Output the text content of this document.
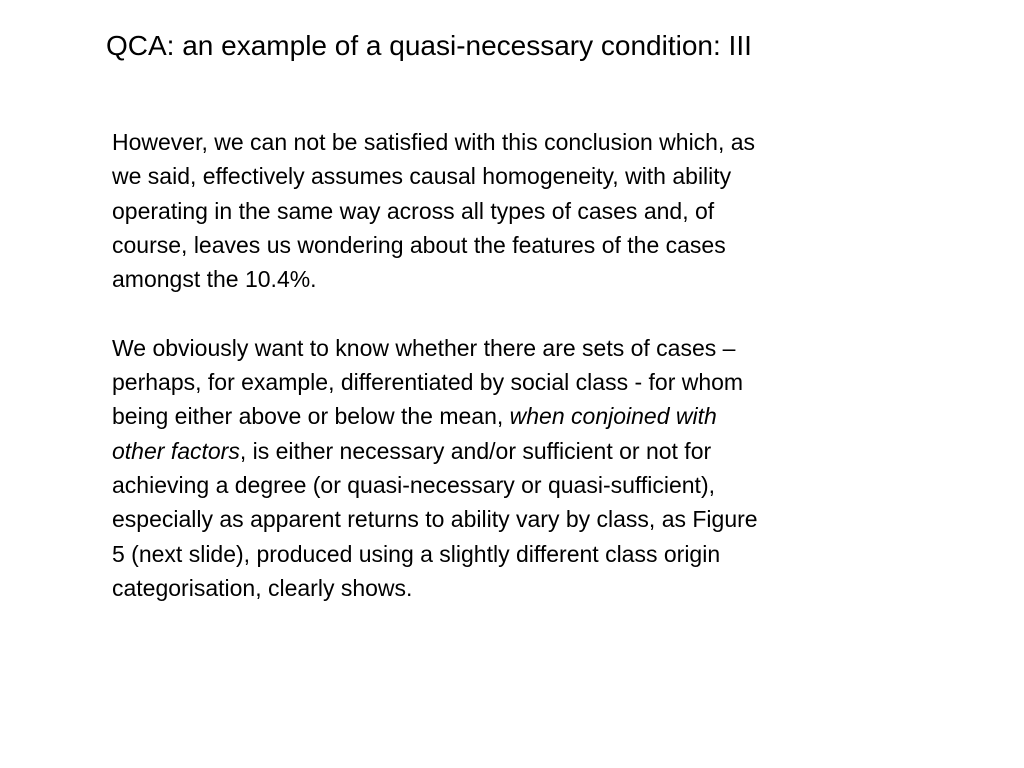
QCA: an example of a quasi-necessary condition: III

However, we can not be satisfied with this conclusion which, as
we said, effectively assumes causal homogeneity, with ability
operating in the same way across all types of cases and, of
course, leaves us wondering about the features of the cases
amongst the 10.4%.

We obviously want to know whether there are sets of cases –
perhaps, for example, differentiated by social class - for whom
being either above or below the mean, when conjoined with
other factors, is either necessary and/or sufficient or not for
achieving a degree (or quasi-necessary or quasi-sufficient),
especially as apparent returns to ability vary by class, as Figure
5 (next slide), produced using a slightly different class origin
categorisation, clearly shows.
